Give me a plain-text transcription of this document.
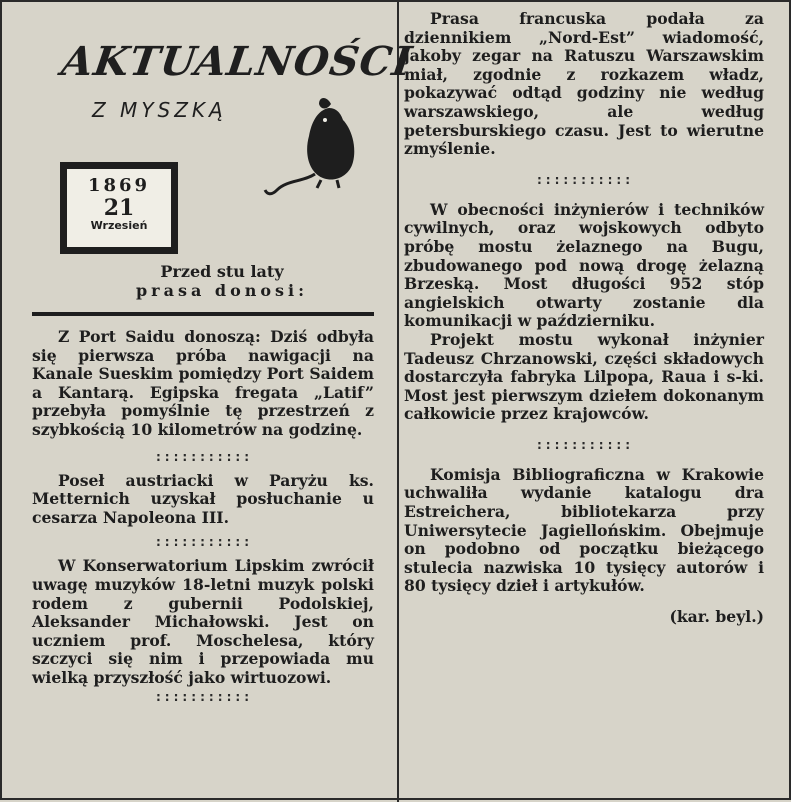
AKTUALNOŚCI
Z MYSZKĄ
1869
21
Wrzesień
Przed stu laty
prasa donosi:

Z Port Saidu donoszą: Dziś odbyła się pierwsza próba nawigacji na Kanale Sueskim pomiędzy Port Saidem a Kantarą. Egipska fregata „Latif” przebyła pomyślnie tę przestrzeń z szybkością 10 kilometrów na godzinę.

:::::::::::

Poseł austriacki w Paryżu ks. Metternich uzyskał posłuchanie u cesarza Napoleona III.

:::::::::::

W Konserwatorium Lipskim zwrócił uwagę muzyków 18-letni muzyk polski rodem z gubernii Podolskiej, Aleksander Michałowski. Jest on uczniem prof. Moschelesa, który szczyci się nim i przepowiada mu wielką przyszłość jako wirtuozowi.

:::::::::::

Prasa francuska podała za dziennikiem „Nord-Est” wiadomość, jakoby zegar na Ratuszu Warszawskim miał, zgodnie z rozkazem władz, pokazywać odtąd godziny nie według warszawskiego, ale według petersburskiego czasu. Jest to wierutne zmyślenie.

:::::::::::

W obecności inżynierów i techników cywilnych, oraz wojskowych odbyto próbę mostu żelaznego na Bugu, zbudowanego pod nową drogę żelazną Brzeską. Most długości 952 stóp angielskich otwarty zostanie dla komunikacji w październiku.

Projekt mostu wykonał inżynier Tadeusz Chrzanowski, części składowych dostarczyła fabryka Lilpopa, Raua i s-ki. Most jest pierwszym dziełem dokonanym całkowicie przez krajowców.

:::::::::::

Komisja Bibliograficzna w Krakowie uchwaliła wydanie katalogu dra Estreichera, bibliotekarza przy Uniwersytecie Jagiellońskim. Obejmuje on podobno od początku bieżącego stulecia nazwiska 10 tysięcy autorów i 80 tysięcy dzieł i artykułów.

(kar. beyl.)
